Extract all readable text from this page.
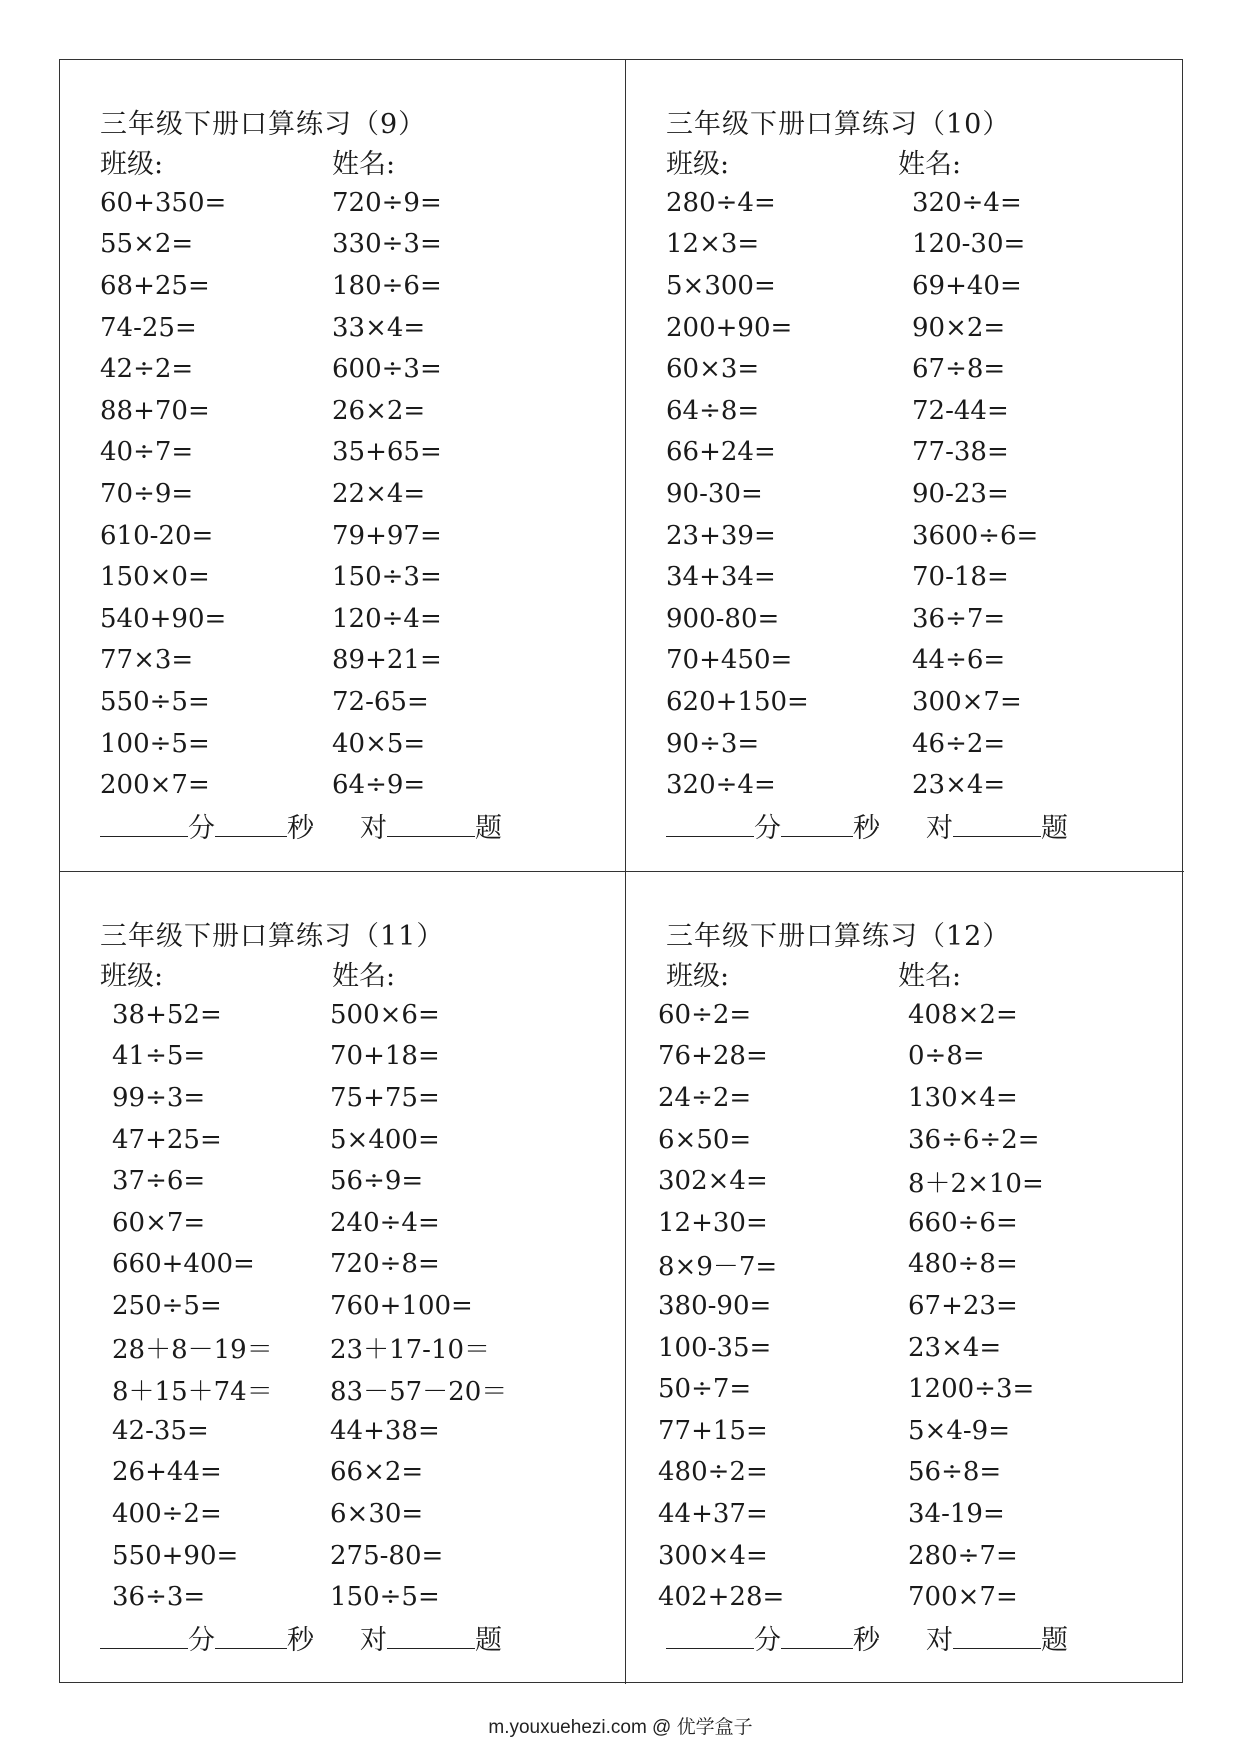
三年级下册口算练习（9）
班级:	姓名:
60+350=	720÷9=
55×2=	330÷3=
68+25=	180÷6=
74-25=	33×4=
42÷2=	600÷3=
88+70=	26×2=
40÷7=	35+65=
70÷9=	22×4=
610-20=	79+97=
150×0=	150÷3=
540+90=	120÷4=
77×3=	89+21=
550÷5=	72-65=
100÷5=	40×5=
200×7=	64÷9=
分	秒 对	题
三年级下册口算练习（10）
班级:	姓名:
280÷4=	320÷4=
12×3=	120-30=
5×300=	69+40=
200+90=	90×2=
60×3=	67÷8=
64÷8=	72-44=
66+24=	77-38=
90-30=	90-23=
23+39=	3600÷6=
34+34=	70-18=
900-80=	36÷7=
70+450=	44÷6=
620+150=	300×7=
90÷3=	46÷2=
320÷4=	23×4=
分	秒 对	题
三年级下册口算练习（11）
班级:	姓名:
38+52=	500×6=
41÷5=	70+18=
99÷3=	75+75=
47+25=	5×400=
37÷6=	56÷9=
60×7=	240÷4=
660+400=	720÷8=
250÷5=	760+100=
28＋8－19＝	23＋17-10＝
8＋15＋74＝	83－57－20＝
42-35=	44+38=
26+44=	66×2=
400÷2=	6×30=
550+90=	275-80=
36÷3=	150÷5=
分	秒 对	题
三年级下册口算练习（12）
班级:	姓名:
60÷2=	408×2=
76+28=	0÷8=
24÷2=	130×4=
6×50=	36÷6÷2=
302×4=	8＋2×10=
12+30=	660÷6=
8×9－7=	480÷8=
380-90=	67+23=
100-35=	23×4=
50÷7=	1200÷3=
77+15=	5×4-9=
480÷2=	56÷8=
44+37=	34-19=
300×4=	280÷7=
402+28=	700×7=
分	秒 对	题
m.youxuehezi.com @ 优学盒子
